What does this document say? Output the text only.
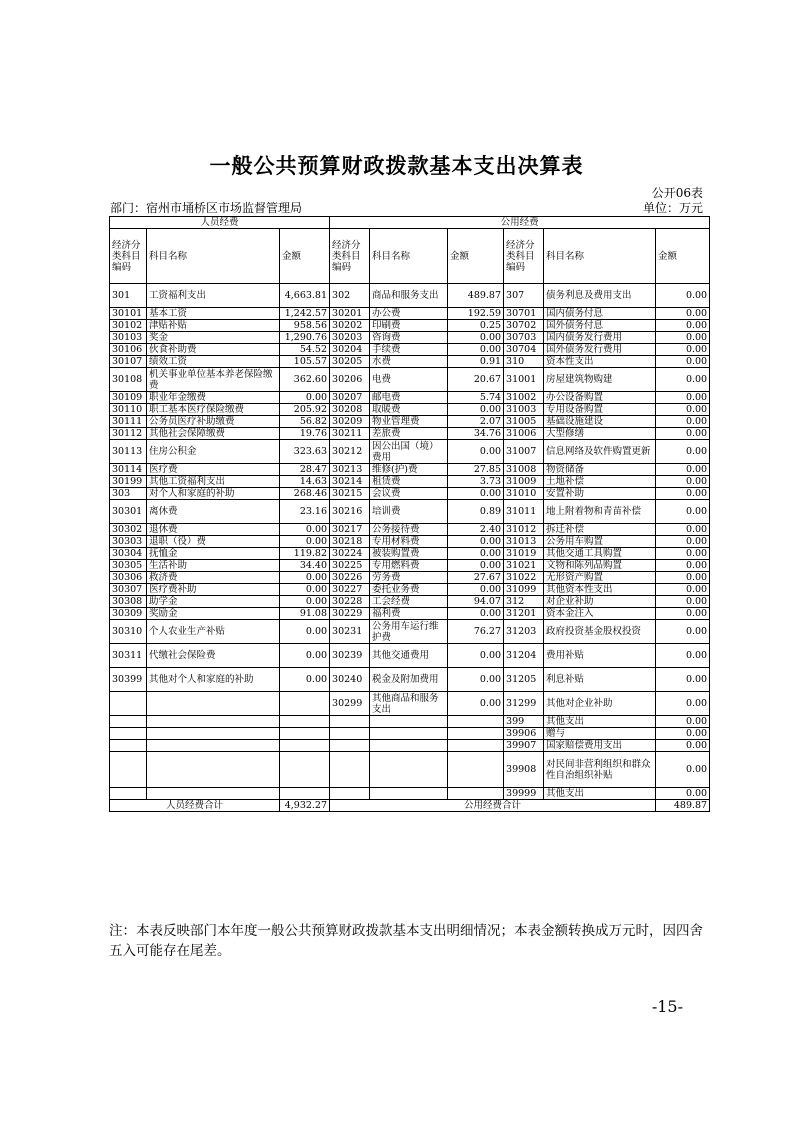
一般公共预算财政拨款基本支出决算表
公开06表
部门：宿州市埇桥区市场监督管理局	单位：万元
人员经费			公用经费					
经济分类科目编码	科目名称	金额	经济分类科目编码	科目名称	金额	经济分类科目编码	科目名称	金额
301	工资福利支出	4,663.81	302	商品和服务支出	489.87	307	债务利息及费用支出	0.00
30101	基本工资	1,242.57	30201	办公费	192.59	30701	国内债务付息	0.00
30102	津贴补贴	958.56	30202	印刷费	0.25	30702	国外债务付息	0.00
30103	奖金	1,290.76	30203	咨询费	0.00	30703	国内债务发行费用	0.00
30106	伙食补助费	54.52	30204	手续费	0.00	30704	国外债务发行费用	0.00
30107	绩效工资	105.57	30205	水费	0.91	310	资本性支出	0.00
30108	机关事业单位基本养老保险缴费	362.60	30206	电费	20.67	31001	房屋建筑物购建	0.00
30109	职业年金缴费	0.00	30207	邮电费	5.74	31002	办公设备购置	0.00
30110	职工基本医疗保险缴费	205.92	30208	取暖费	0.00	31003	专用设备购置	0.00
30111	公务员医疗补助缴费	56.82	30209	物业管理费	2.07	31005	基础设施建设	0.00
30112	其他社会保障缴费	19.76	30211	差旅费	34.76	31006	大型修缮	0.00
30113	住房公积金	323.63	30212	因公出国（境）费用	0.00	31007	信息网络及软件购置更新	0.00
30114	医疗费	28.47	30213	维修(护)费	27.85	31008	物资储备	0.00
30199	其他工资福利支出	14.63	30214	租赁费	3.73	31009	土地补偿	0.00
303	对个人和家庭的补助	268.46	30215	会议费	0.00	31010	安置补助	0.00
30301	离休费	23.16	30216	培训费	0.89	31011	地上附着物和青苗补偿	0.00
30302	退休费	0.00	30217	公务接待费	2.40	31012	拆迁补偿	0.00
30303	退职（役）费	0.00	30218	专用材料费	0.00	31013	公务用车购置	0.00
30304	抚恤金	119.82	30224	被装购置费	0.00	31019	其他交通工具购置	0.00
30305	生活补助	34.40	30225	专用燃料费	0.00	31021	文物和陈列品购置	0.00
30306	救济费	0.00	30226	劳务费	27.67	31022	无形资产购置	0.00
30307	医疗费补助	0.00	30227	委托业务费	0.00	31099	其他资本性支出	0.00
30308	助学金	0.00	30228	工会经费	94.07	312	对企业补助	0.00
30309	奖励金	91.08	30229	福利费	0.00	31201	资本金注入	0.00
30310	个人农业生产补贴	0.00	30231	公务用车运行维护费	76.27	31203	政府投资基金股权投资	0.00
30311	代缴社会保险费	0.00	30239	其他交通费用	0.00	31204	费用补贴	0.00
30399	其他对个人和家庭的补助	0.00	30240	税金及附加费用	0.00	31205	利息补贴	0.00
			30299	其他商品和服务支出	0.00	31299	其他对企业补助	0.00
						399	其他支出	0.00
						39906	赠与	0.00
						39907	国家赔偿费用支出	0.00
						39908	对民间非营利组织和群众性自治组织补贴	0.00
						39999	其他支出	0.00
人员经费合计		4,932.27	公用经费合计					489.87
注：本表反映部门本年度一般公共预算财政拨款基本支出明细情况；本表金额转换成万元时，因四舍五入可能存在尾差。
-15-
